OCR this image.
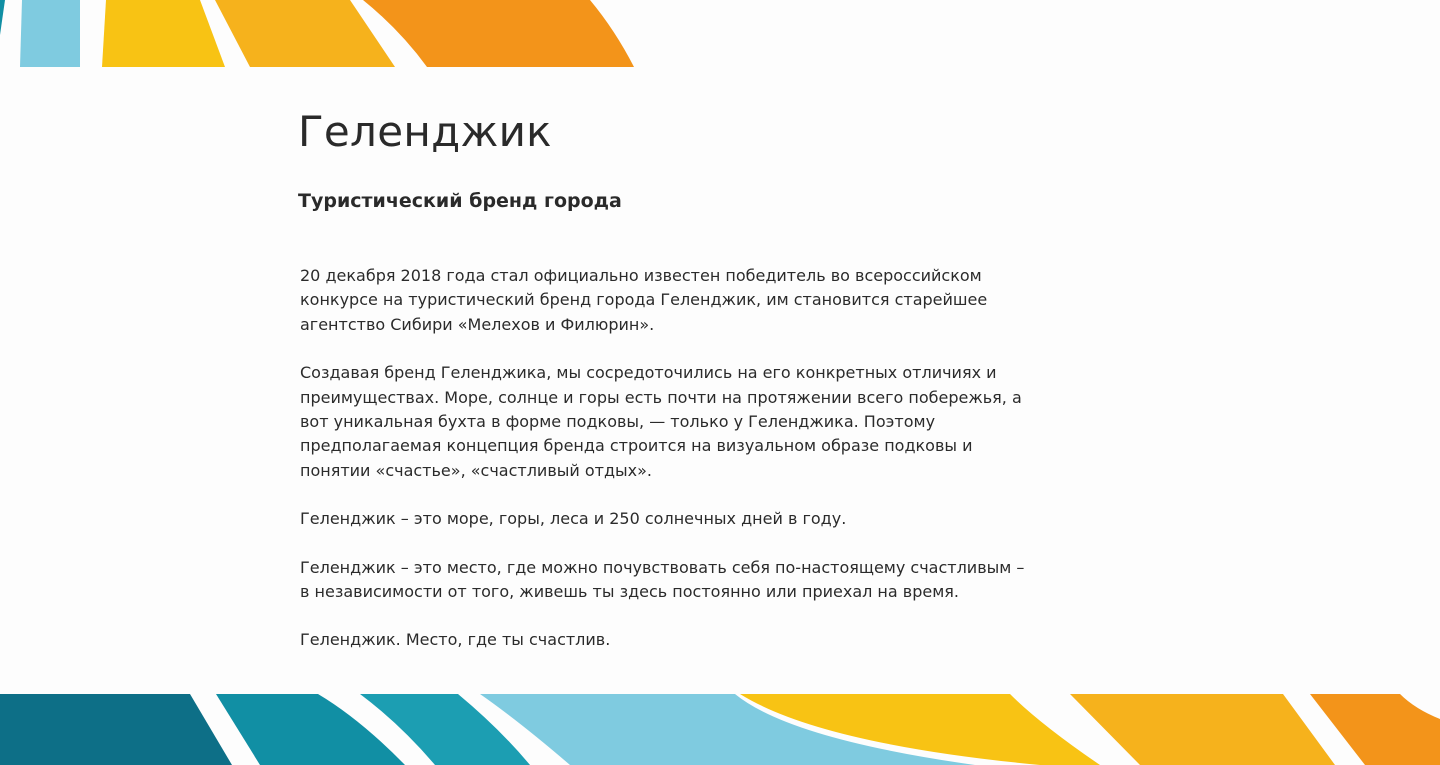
Геленджик
Туристический бренд города

20 декабря 2018 года стал официально известен победитель во всероссийском
конкурсе на туристический бренд города Геленджик, им становится старейшее
агентство Сибири «Мелехов и Филюрин».

Создавая бренд Геленджика, мы сосредоточились на его конкретных отличиях и
преимуществах. Море, солнце и горы есть почти на протяжении всего побережья, а
вот уникальная бухта в форме подковы, — только у Геленджика. Поэтому
предполагаемая концепция бренда строится на визуальном образе подковы и
понятии «счастье», «счастливый отдых».

Геленджик – это море, горы, леса и 250 солнечных дней в году.

Геленджик – это место, где можно почувствовать себя по-настоящему счастливым –
в независимости от того, живешь ты здесь постоянно или приехал на время.

Геленджик. Место, где ты счастлив.
